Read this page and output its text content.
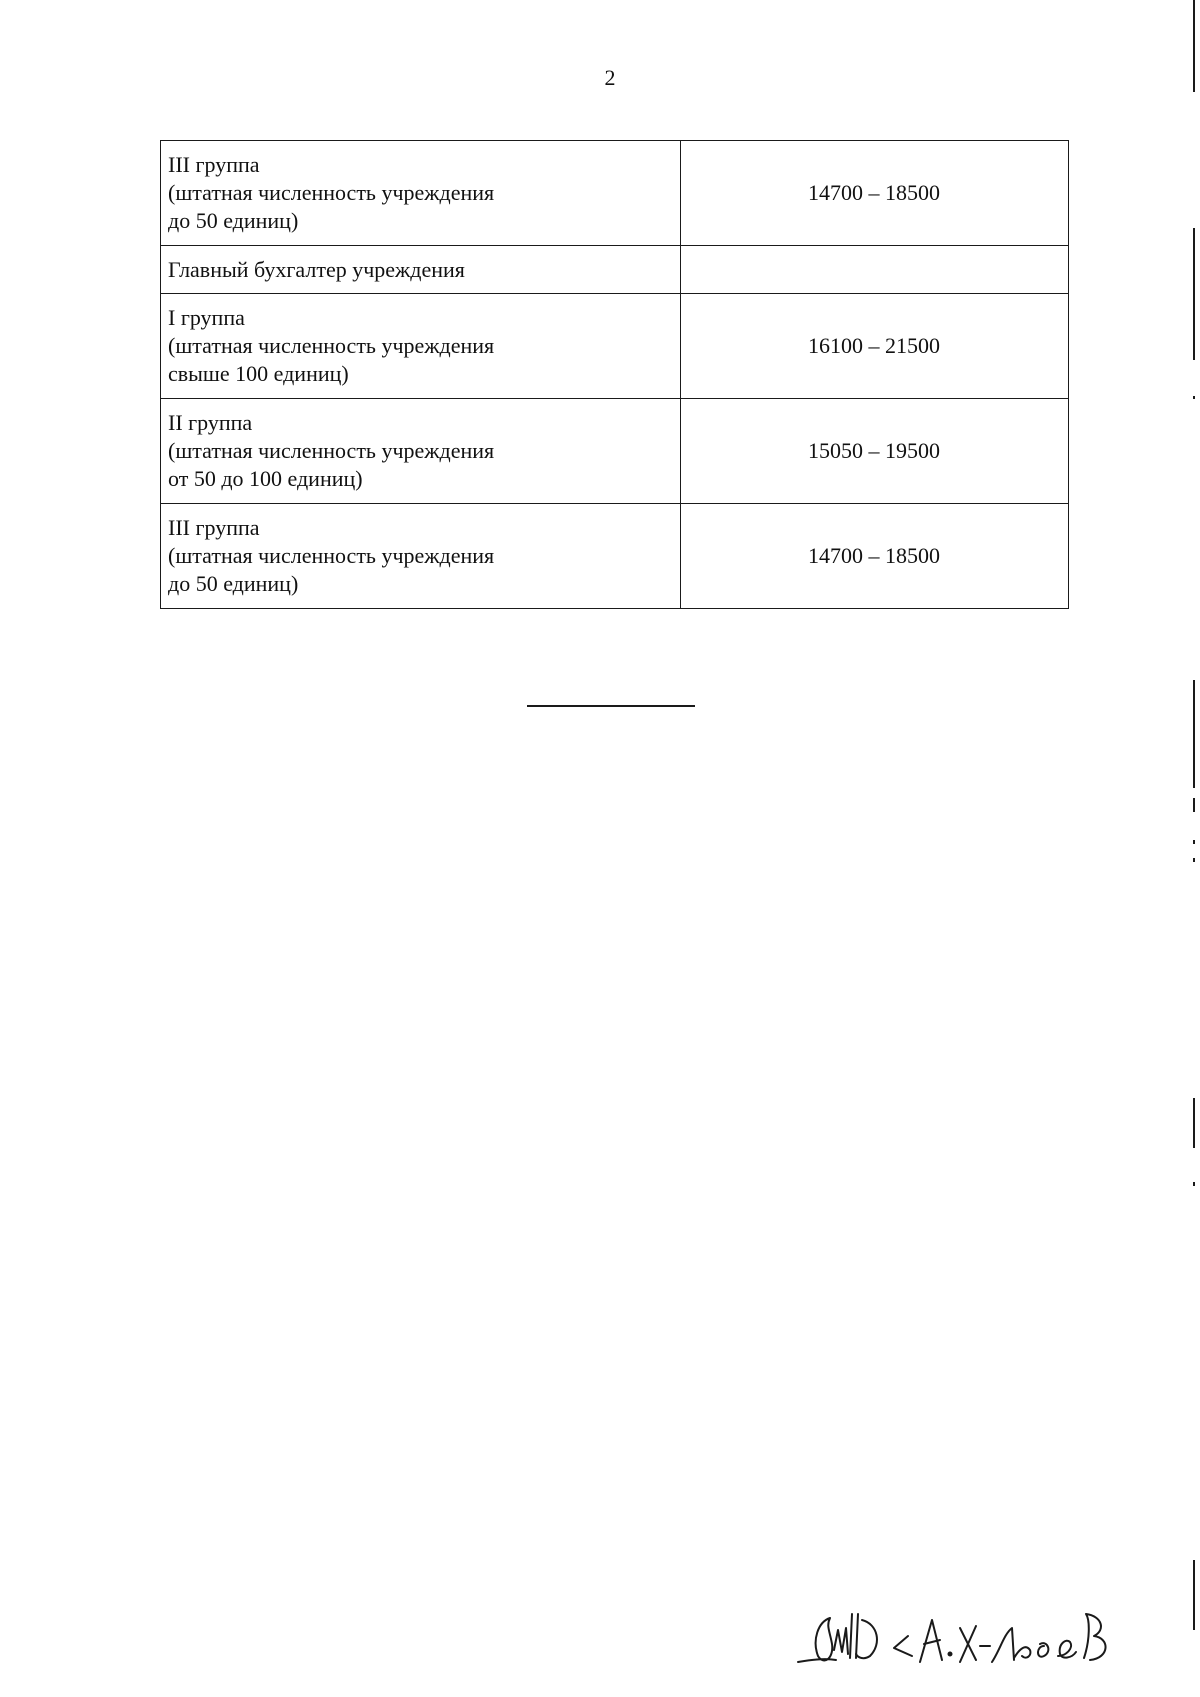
2
III группа
(штатная численность учреждения
до 50 единиц)	14700 – 18500

Главный бухгалтер учреждения	

I группа
(штатная численность учреждения
свыше 100 единиц)	16100 – 21500

II группа
(штатная численность учреждения
от 50 до 100 единиц)	15050 – 19500

III группа
(штатная численность учреждения
до 50 единиц)	14700 – 18500
